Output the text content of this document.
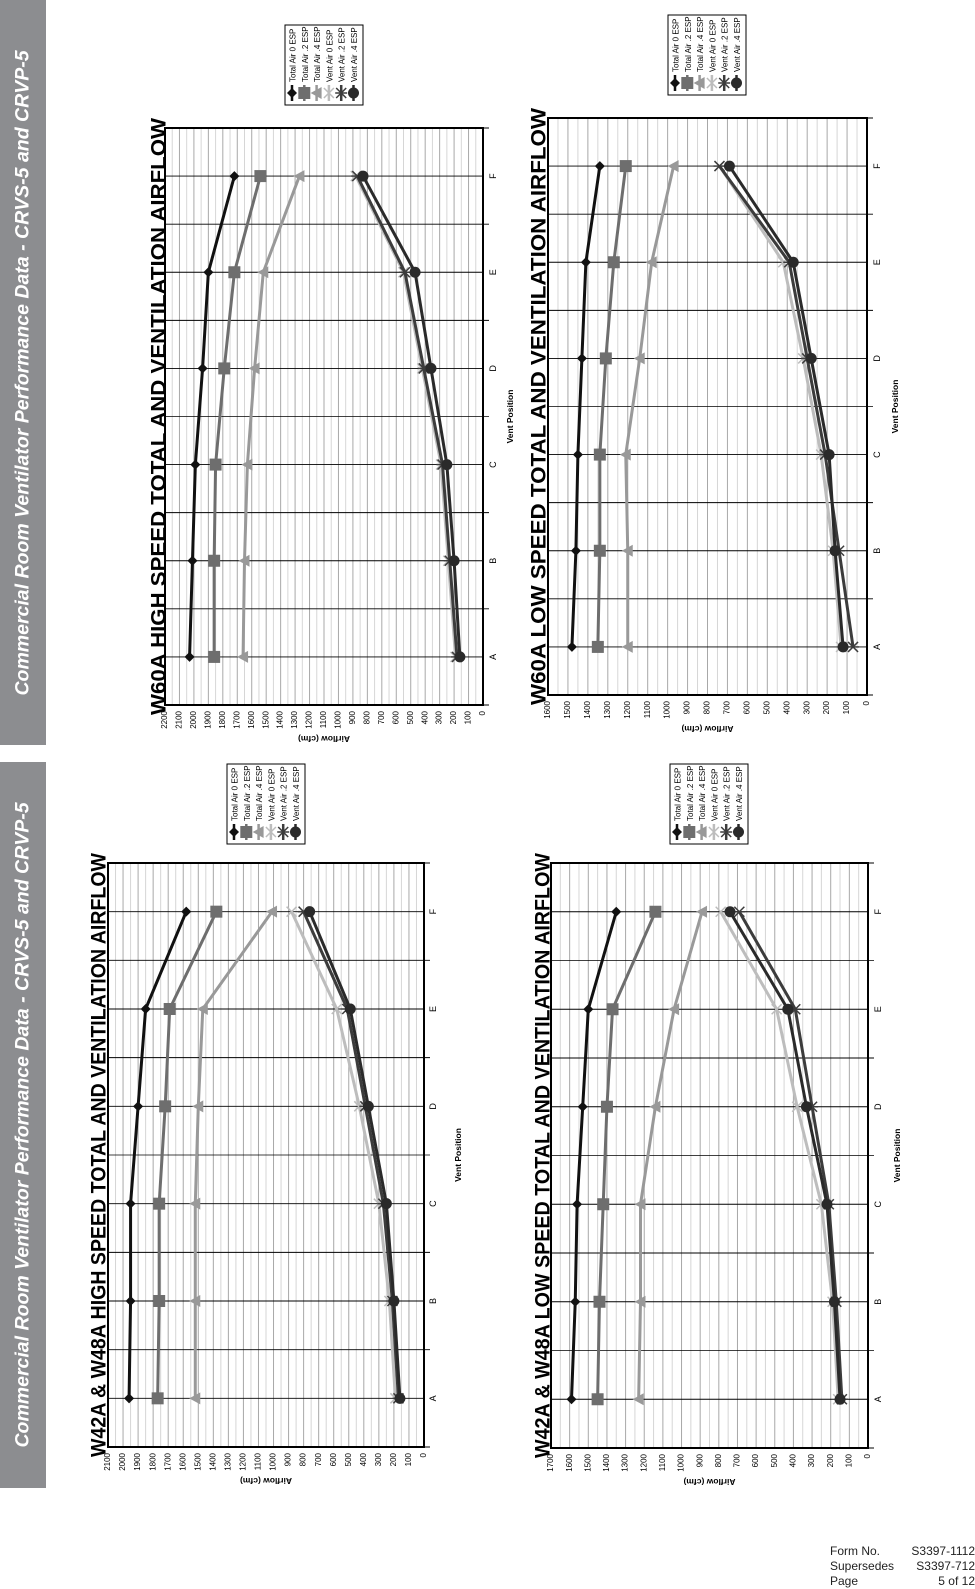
Commercial Room Ventilator Performance Data - CRVS-5 and CRVP-5
Commercial Room Ventilator Performance Data - CRVS-5 and CRVP-5
A
B
C
D
E
F
0
100
200
300
400
500
600
700
800
900
1000
1100
1200
1300
1400
1500
1600
1700
1800
1900
2000
2100
2200
Airflow (cfm)
Vent Position
W60A HIGH SPEED TOTAL AND VENTILATION AIRFLOW
Total Air 0 ESP Total Air .2 ESP Total Air .4 ESP Vent Air 0 ESP Vent Air .2 ESP Vent Air .4 ESP
A
B
C
D
E
F
0
100
200
300
400
500
600
700
800
900
1000
1100
1200
1300
1400
1500
1600
Airflow (cfm)
Vent Position
W60A LOW SPEED TOTAL AND VENTILATION AIRFLOW
Total Air 0 ESP Total Air .2 ESP Total Air .4 ESP Vent Air 0 ESP Vent Air .2 ESP Vent Air .4 ESP
A
B
C
D
E
F
0
100
200
300
400
500
600
700
800
900
1000
1100
1200
1300
1400
1500
1600
1700
1800
1900
2000
2100
Airflow (cfm)
Vent Position
W42A & W48A HIGH SPEED TOTAL AND VENTILATION AIRFLOW
Total Air 0 ESP Total Air .2 ESP Total Air .4 ESP Vent Air 0 ESP Vent Air .2 ESP Vent Air .4 ESP
A
B
C
D
E
F
0
100
200
300
400
500
600
700
800
900
1000
1100
1200
1300
1400
1500
1600
1700
Airflow (cfm)
Vent Position
W42A & W48A LOW SPEED TOTAL AND VENTILATION AIRFLOW
Total Air 0 ESP Total Air .2 ESP Total Air .4 ESP Vent Air 0 ESP Vent Air .2 ESP Vent Air .4 ESP
Form No.	S3397-1112
Supersedes S3397-712
Page	5 of 12
